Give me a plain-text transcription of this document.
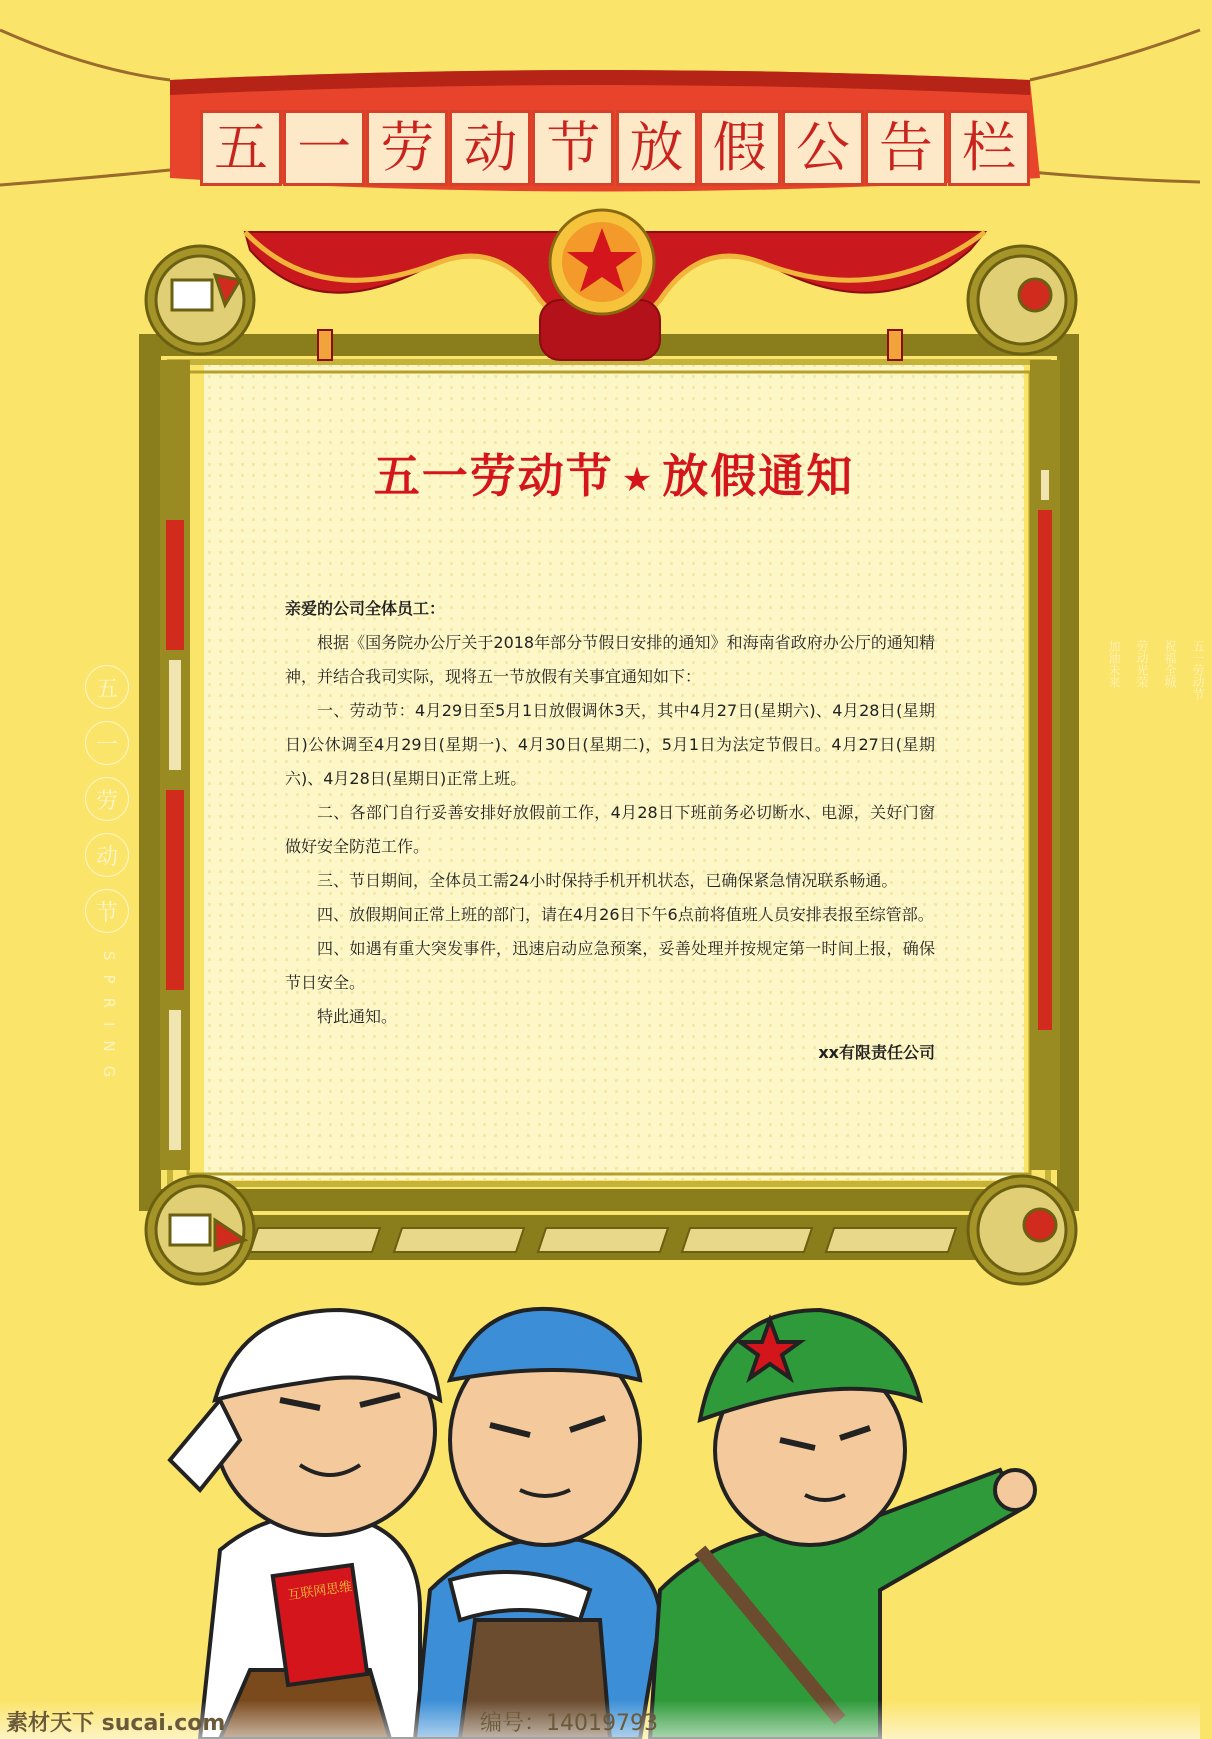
五 一 劳 动 节 放 假 公 告 栏
五一劳动节 ★ 放假通知

亲爱的公司全体员工：

根据《国务院办公厅关于2018年部分节假日安排的通知》和海南省政府办公厅的通知精神，并结合我司实际，现将五一节放假有关事宜通知如下：

一、劳动节：4月29日至5月1日放假调休3天，其中4月27日(星期六)、4月28日(星期日)公休调至4月29日(星期一)、4月30日(星期二)，5月1日为法定节假日。4月27日(星期六)、4月28日(星期日)正常上班。

二、各部门自行妥善安排好放假前工作，4月28日下班前务必切断水、电源，关好门窗做好安全防范工作。

三、节日期间，全体员工需24小时保持手机开机状态，已确保紧急情况联系畅通。

四、放假期间正常上班的部门，请在4月26日下午6点前将值班人员安排表报至综管部。

四、如遇有重大突发事件，迅速启动应急预案，妥善处理并按规定第一时间上报，确保节日安全。

特此通知。

xx有限责任公司

五
一
劳
动
节
SPRING
五一劳动节
祝福全城
劳动光荣
加油未来
互联网思维
素材天下 sucai.com	编号：14019793
